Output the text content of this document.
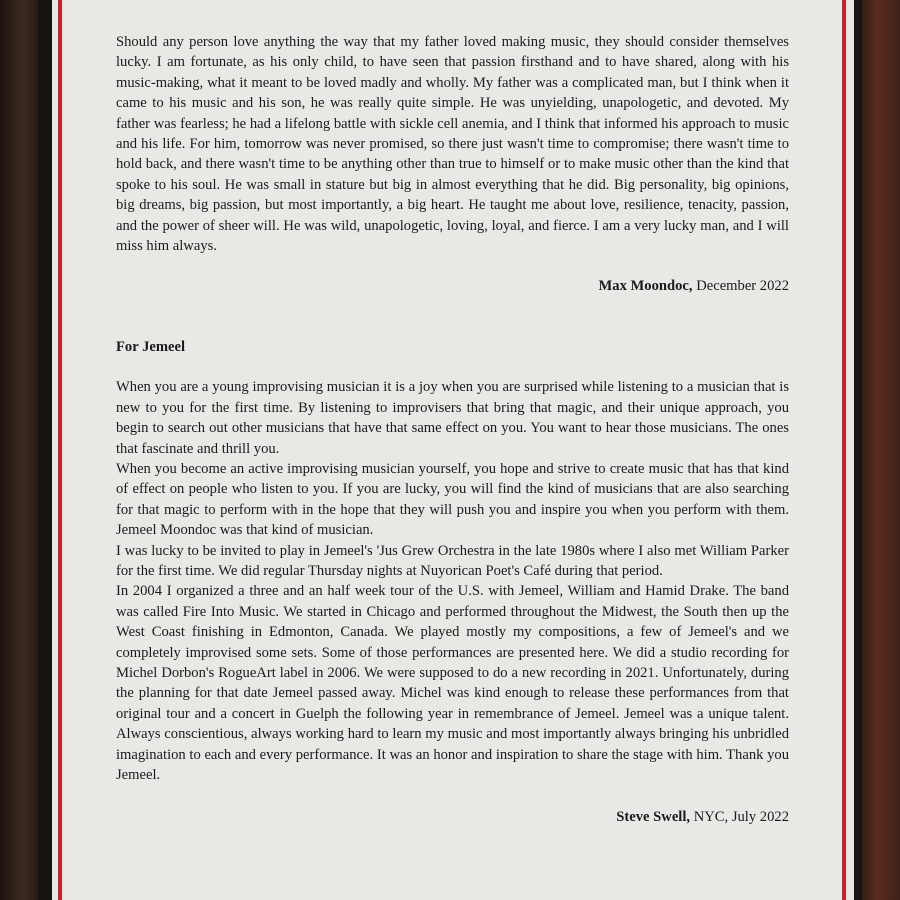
Should any person love anything the way that my father loved making music, they should consider themselves lucky. I am fortunate, as his only child, to have seen that passion firsthand and to have shared, along with his music-making, what it meant to be loved madly and wholly. My father was a complicated man, but I think when it came to his music and his son, he was really quite simple. He was unyielding, unapologetic, and devoted. My father was fearless; he had a lifelong battle with sickle cell anemia, and I think that informed his approach to music and his life. For him, tomorrow was never promised, so there just wasn't time to compromise; there wasn't time to hold back, and there wasn't time to be anything other than true to himself or to make music other than the kind that spoke to his soul. He was small in stature but big in almost everything that he did. Big personality, big opinions, big dreams, big passion, but most importantly, a big heart. He taught me about love, resilience, tenacity, passion, and the power of sheer will. He was wild, unapologetic, loving, loyal, and fierce. I am a very lucky man, and I will miss him always.

Max Moondoc, December 2022

For Jemeel

When you are a young improvising musician it is a joy when you are surprised while listening to a musician that is new to you for the first time. By listening to improvisers that bring that magic, and their unique approach, you begin to search out other musicians that have that same effect on you. You want to hear those musicians. The ones that fascinate and thrill you.

When you become an active improvising musician yourself, you hope and strive to create music that has that kind of effect on people who listen to you. If you are lucky, you will find the kind of musicians that are also searching for that magic to perform with in the hope that they will push you and inspire you when you perform with them. Jemeel Moondoc was that kind of musician.

I was lucky to be invited to play in Jemeel's 'Jus Grew Orchestra in the late 1980s where I also met William Parker for the first time. We did regular Thursday nights at Nuyorican Poet's Café during that period.

In 2004 I organized a three and an half week tour of the U.S. with Jemeel, William and Hamid Drake. The band was called Fire Into Music. We started in Chicago and performed throughout the Midwest, the South then up the West Coast finishing in Edmonton, Canada. We played mostly my compositions, a few of Jemeel's and we completely improvised some sets. Some of those performances are presented here. We did a studio recording for Michel Dorbon's RogueArt label in 2006. We were supposed to do a new recording in 2021. Unfortunately, during the planning for that date Jemeel passed away. Michel was kind enough to release these performances from that original tour and a concert in Guelph the following year in remembrance of Jemeel. Jemeel was a unique talent. Always conscientious, always working hard to learn my music and most importantly always bringing his unbridled imagination to each and every performance. It was an honor and inspiration to share the stage with him. Thank you Jemeel.

Steve Swell, NYC, July 2022
